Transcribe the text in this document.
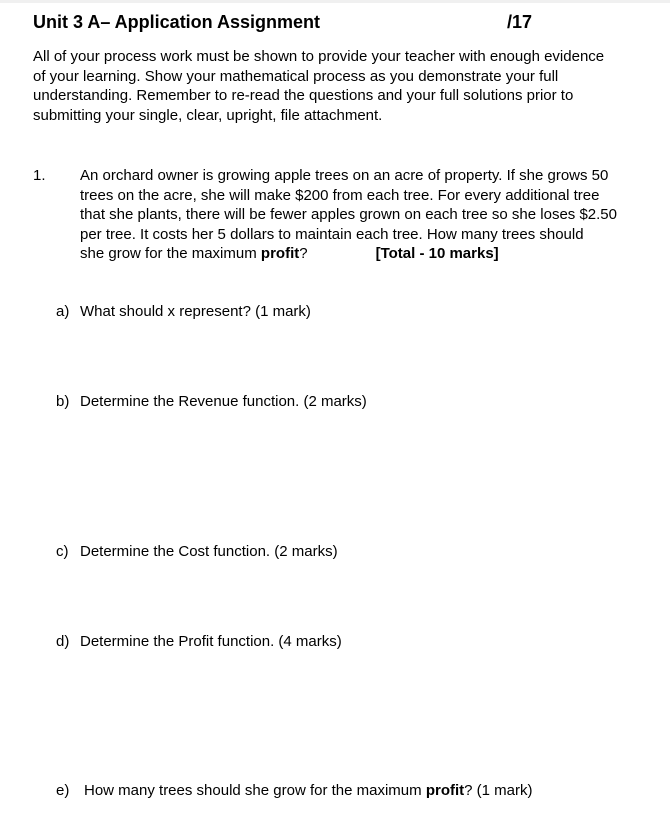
Unit 3 A– Application Assignment	/17
All of your process work must be shown to provide your teacher with enough evidence
of your learning. Show your mathematical process as you demonstrate your full
understanding. Remember to re-read the questions and your full solutions prior to
submitting your single, clear, upright, file attachment.
1. An orchard owner is growing apple trees on an acre of property. If she grows 50
trees on the acre, she will make $200 from each tree. For every additional tree
that she plants, there will be fewer apples grown on each tree so she loses $2.50
per tree. It costs her 5 dollars to maintain each tree. How many trees should
she grow for the maximum profit?	[Total - 10 marks]
a) What should x represent? (1 mark)
b) Determine the Revenue function. (2 marks)
c) Determine the Cost function. (2 marks)
d) Determine the Profit function. (4 marks)
e) How many trees should she grow for the maximum profit? (1 mark)
